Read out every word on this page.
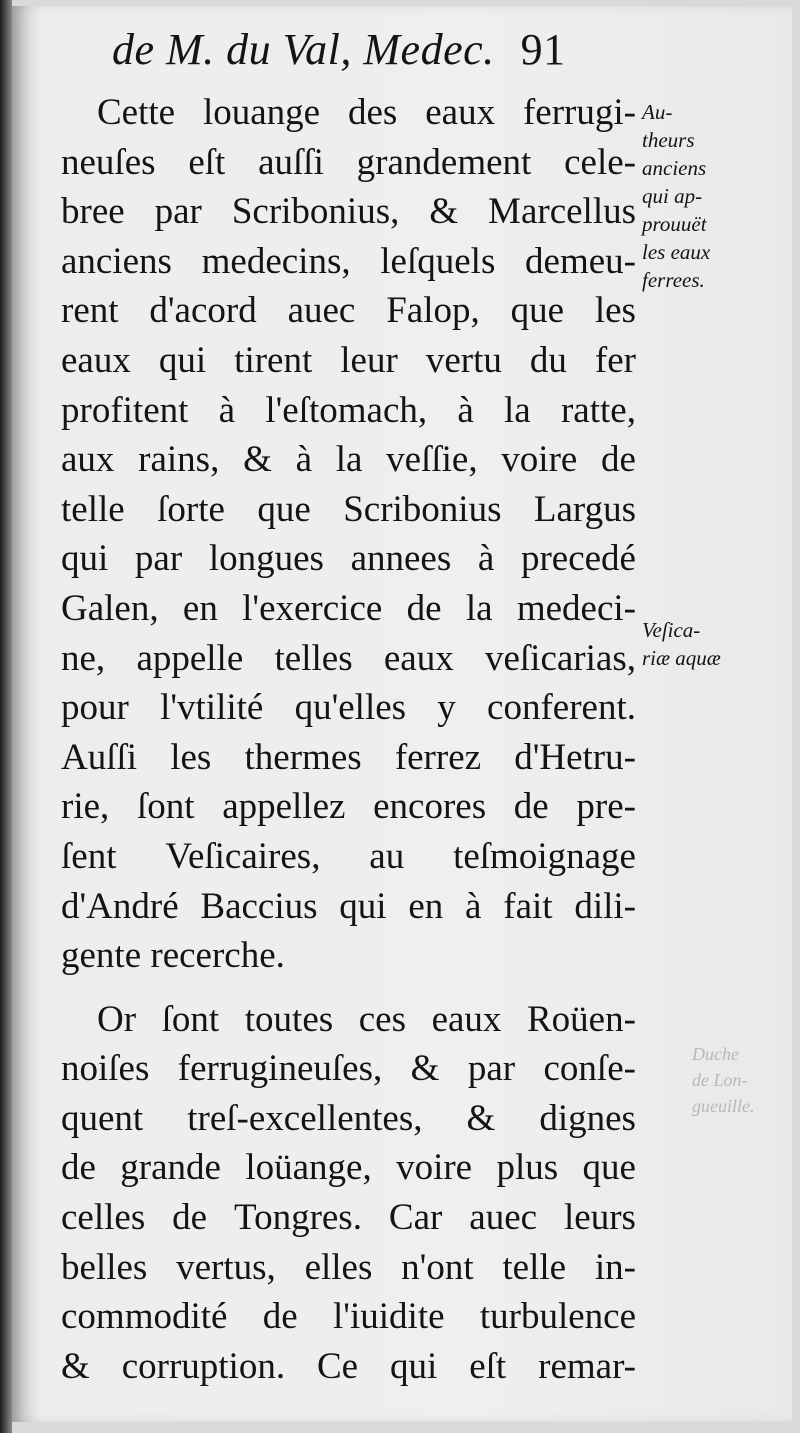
de M. du Val, Medec. 91
Cette louange des eaux ferrugi-
neuſes eſt auſſi grandement cele-
bree par Scribonius, & Marcellus
anciens medecins, leſquels demeu-
rent d'acord auec Falop, que les
eaux qui tirent leur vertu du fer
profitent à l'eſtomach, à la ratte,
aux rains, & à la veſſie, voire de
telle ſorte que Scribonius Largus
qui par longues annees à precedé
Galen, en l'exercice de la medeci-
ne, appelle telles eaux veſicarias,
pour l'vtilité qu'elles y conferent.
Auſſi les thermes ferrez d'Hetru-
rie, ſont appellez encores de pre-
ſent Veſicaires, au teſmoignage
d'André Baccius qui en à fait dili-
gente recerche.
Or ſont toutes ces eaux Roüen-
noiſes ferrugineuſes, & par conſe-
quent treſ-excellentes, & dignes
de grande loüange, voire plus que
celles de Tongres. Car auec leurs
belles vertus, elles n'ont telle in-
commodité de l'iuidite turbulence
& corruption. Ce qui eſt remar-
Au-
theurs
anciens
qui ap-
prouuët
les eaux
ferrees.
Veſica-
riæ aquæ
Duche
de Lon-
gueuille.
